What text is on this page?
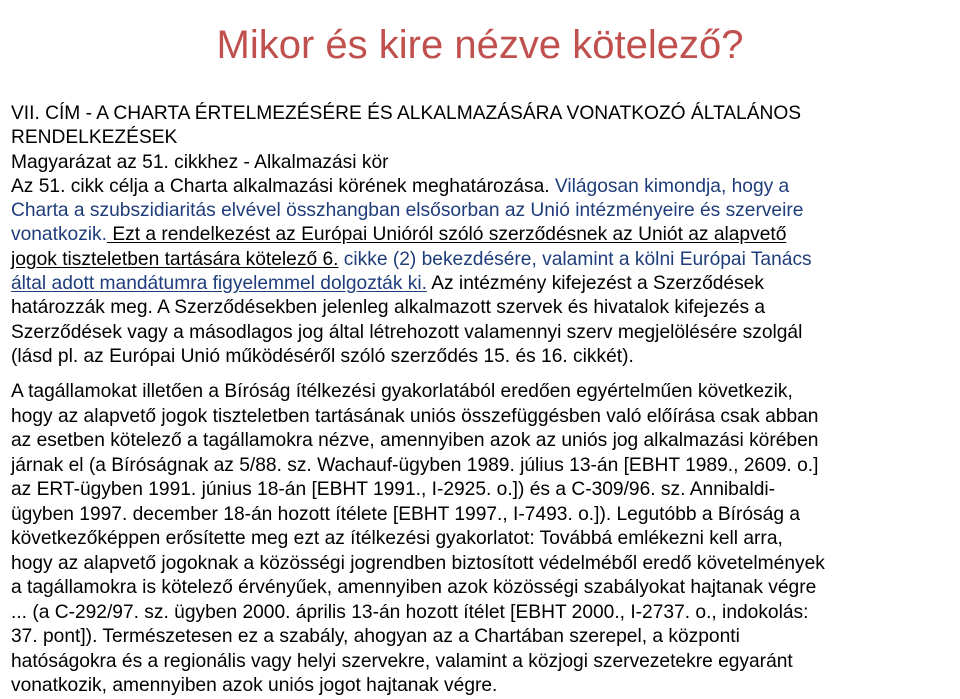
Mikor és kire nézve kötelező?
VII. CÍM - A CHARTA ÉRTELMEZÉSÉRE ÉS ALKALMAZÁSÁRA VONATKOZÓ ÁLTALÁNOS
RENDELKEZÉSEK
Magyarázat az 51. cikkhez - Alkalmazási kör
Az 51. cikk célja a Charta alkalmazási körének meghatározása. Világosan kimondja, hogy a
Charta a szubszidiaritás elvével összhangban elsősorban az Unió intézményeire és szerveire
vonatkozik. Ezt a rendelkezést az Európai Unióról szóló szerződésnek az Uniót az alapvető
jogok tiszteletben tartására kötelező 6. cikke (2) bekezdésére, valamint a kölni Európai Tanács
által adott mandátumra figyelemmel dolgozták ki. Az intézmény kifejezést a Szerződések
határozzák meg. A Szerződésekben jelenleg alkalmazott szervek és hivatalok kifejezés a
Szerződések vagy a másodlagos jog által létrehozott valamennyi szerv megjelölésére szolgál
(lásd pl. az Európai Unió működéséről szóló szerződés 15. és 16. cikkét).
A tagállamokat illetően a Bíróság ítélkezési gyakorlatából eredően egyértelműen következik,
hogy az alapvető jogok tiszteletben tartásának uniós összefüggésben való előírása csak abban
az esetben kötelező a tagállamokra nézve, amennyiben azok az uniós jog alkalmazási körében
járnak el (a Bíróságnak az 5/88. sz. Wachauf-ügyben 1989. július 13-án [EBHT 1989., 2609. o.]
az ERT-ügyben 1991. június 18-án [EBHT 1991., I-2925. o.]) és a C-309/96. sz. Annibaldi-
ügyben 1997. december 18-án hozott ítélete [EBHT 1997., I-7493. o.]). Legutóbb a Bíróság a
következőképpen erősítette meg ezt az ítélkezési gyakorlatot: Továbbá emlékezni kell arra,
hogy az alapvető jogoknak a közösségi jogrendben biztosított védelméből eredő követelmények
a tagállamokra is kötelező érvényűek, amennyiben azok közösségi szabályokat hajtanak végre
... (a C-292/97. sz. ügyben 2000. április 13-án hozott ítélet [EBHT 2000., I-2737. o., indokolás:
37. pont]). Természetesen ez a szabály, ahogyan az a Chartában szerepel, a központi
hatóságokra és a regionális vagy helyi szervekre, valamint a közjogi szervezetekre egyaránt
vonatkozik, amennyiben azok uniós jogot hajtanak végre.
